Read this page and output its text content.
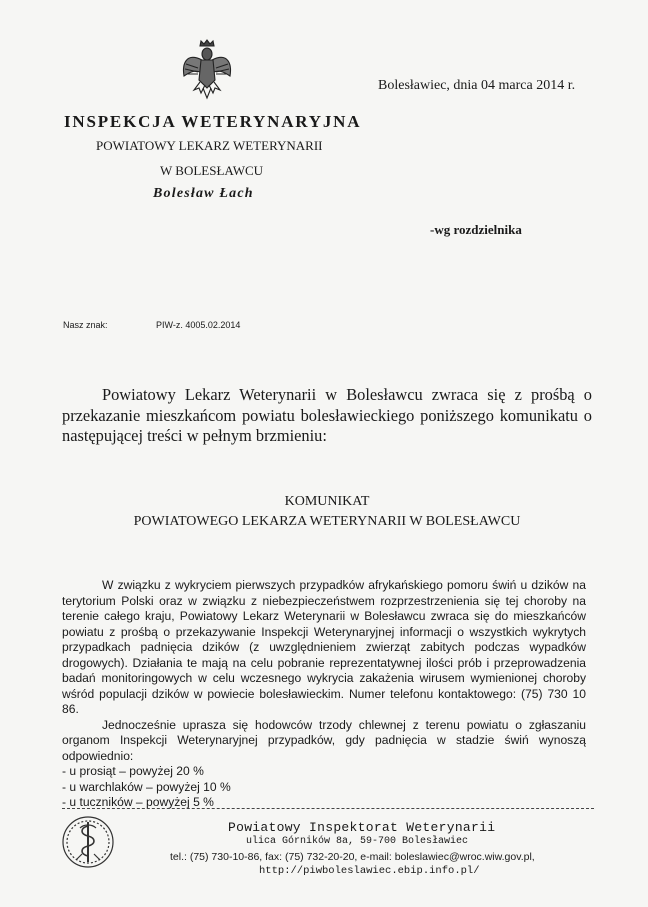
Bolesławiec, dnia 04 marca 2014 r.
INSPEKCJA WETERYNARYJNA
POWIATOWY LEKARZ WETERYNARII
W BOLESŁAWCU
Bolesław Łach
-wg rozdzielnika
Nasz znak:	PIW-z. 4005.02.2014
Powiatowy Lekarz Weterynarii w Bolesławcu zwraca się z prośbą o przekazanie mieszkańcom powiatu bolesławieckiego poniższego komunikatu o następującej treści w pełnym brzmieniu:
KOMUNIKAT
POWIATOWEGO LEKARZA WETERYNARII W BOLESŁAWCU

W związku z wykryciem pierwszych przypadków afrykańskiego pomoru świń u dzików na terytorium Polski oraz w związku z niebezpieczeństwem rozprzestrzenienia się tej choroby na terenie całego kraju, Powiatowy Lekarz Weterynarii w Bolesławcu zwraca się do mieszkańców powiatu z prośbą o przekazywanie Inspekcji Weterynaryjnej informacji o wszystkich wykrytych przypadkach padnięcia dzików (z uwzględnieniem zwierząt zabitych podczas wypadków drogowych). Działania te mają na celu pobranie reprezentatywnej ilości prób i przeprowadzenia badań monitoringowych w celu wczesnego wykrycia zakażenia wirusem wymienionej choroby wśród populacji dzików w powiecie bolesławieckim. Numer telefonu kontaktowego: (75) 730 10 86.

Jednocześnie uprasza się hodowców trzody chlewnej z terenu powiatu o zgłaszaniu organom Inspekcji Weterynaryjnej przypadków, gdy padnięcia w stadzie świń wynoszą odpowiednio:

- u prosiąt – powyżej 20 %
- u warchlaków – powyżej 10 %
- u tuczników – powyżej 5 %
Powiatowy Inspektorat Weterynarii
ulica Górników 8a, 59-700 Bolesławiec
tel.: (75) 730-10-86, fax: (75) 732-20-20, e-mail: boleslawiec@wroc.wiw.gov.pl,
http://piwboleslawiec.ebip.info.pl/
